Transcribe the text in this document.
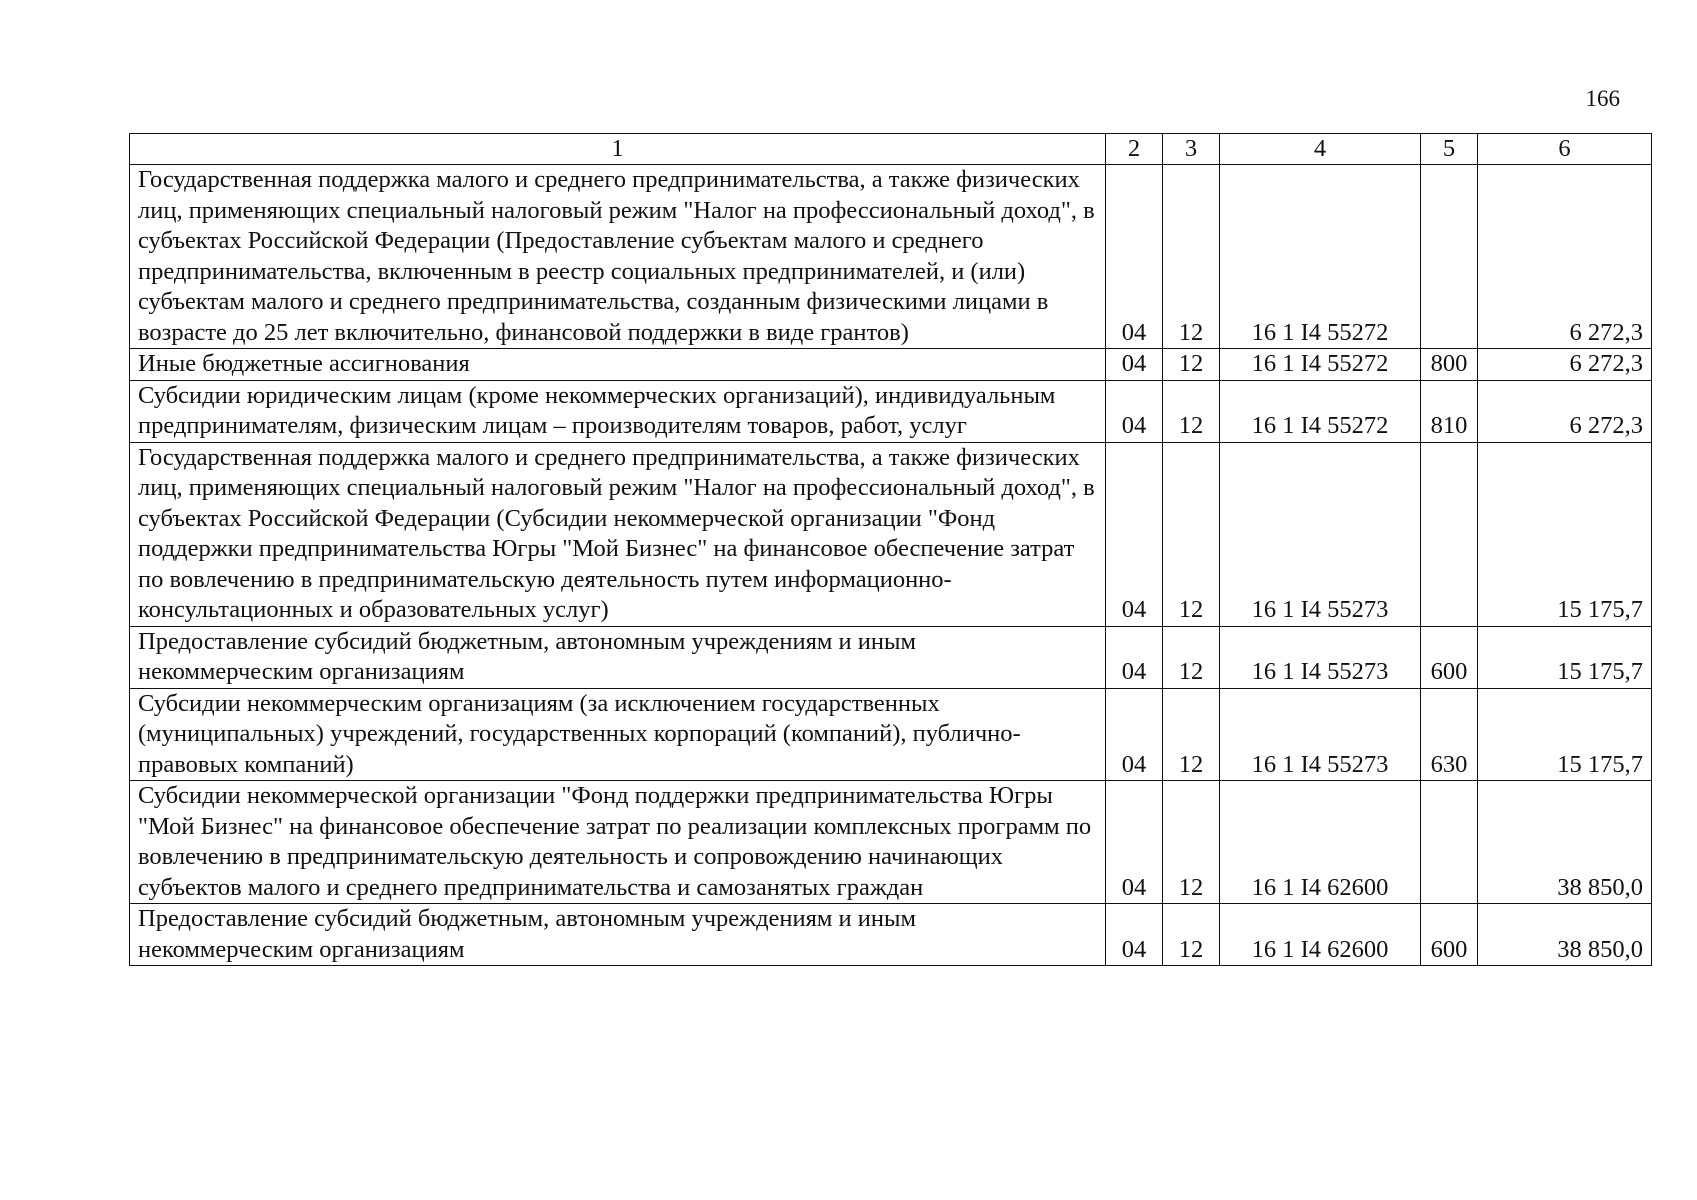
166
1	2	3	4	5	6
Государственная поддержка малого и среднего предпринимательства, а также физических лиц, применяющих специальный налоговый режим "Налог на профессиональный доход", в субъектах Российской Федерации (Предоставление субъектам малого и среднего предпринимательства, включенным в реестр социальных предпринимателей, и (или) субъектам малого и среднего предпринимательства, созданным физическими лицами в возрасте до 25 лет включительно, финансовой поддержки в виде грантов)	04	12	16 1 I4 55272		6 272,3
Иные бюджетные ассигнования	04	12	16 1 I4 55272	800	6 272,3
Субсидии юридическим лицам (кроме некоммерческих организаций), индивидуальным предпринимателям, физическим лицам – производителям товаров, работ, услуг	04	12	16 1 I4 55272	810	6 272,3
Государственная поддержка малого и среднего предпринимательства, а также физических лиц, применяющих специальный налоговый режим "Налог на профессиональный доход", в субъектах Российской Федерации (Субсидии некоммерческой организации "Фонд поддержки предпринимательства Югры "Мой Бизнес" на финансовое обеспечение затрат по вовлечению в предпринимательскую деятельность путем информационно-консультационных и образовательных услуг)	04	12	16 1 I4 55273		15 175,7
Предоставление субсидий бюджетным, автономным учреждениям и иным некоммерческим организациям	04	12	16 1 I4 55273	600	15 175,7
Субсидии некоммерческим организациям (за исключением государственных (муниципальных) учреждений, государственных корпораций (компаний), публично-правовых компаний)	04	12	16 1 I4 55273	630	15 175,7
Субсидии некоммерческой организации "Фонд поддержки предпринимательства Югры "Мой Бизнес" на финансовое обеспечение затрат по реализации комплексных программ по вовлечению в предпринимательскую деятельность и сопровождению начинающих субъектов малого и среднего предпринимательства и самозанятых граждан	04	12	16 1 I4 62600		38 850,0
Предоставление субсидий бюджетным, автономным учреждениям и иным некоммерческим организациям	04	12	16 1 I4 62600	600	38 850,0
